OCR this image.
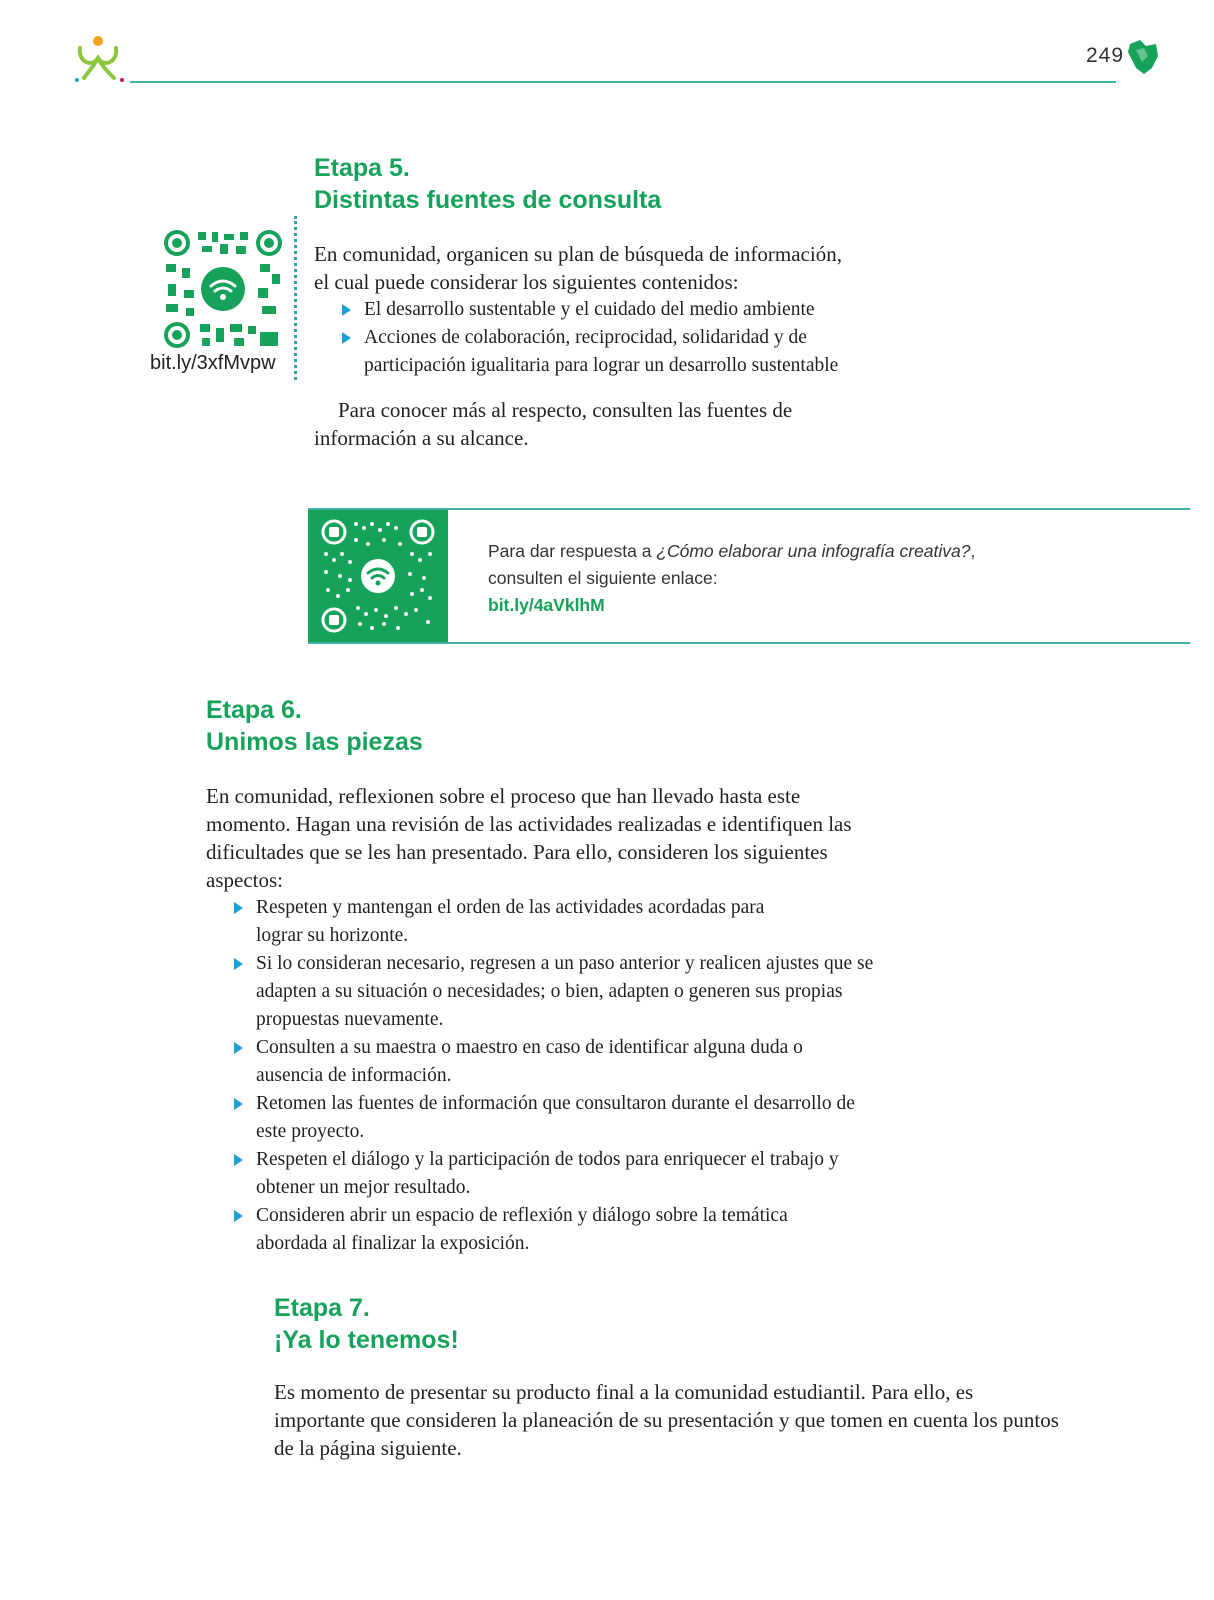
249
Etapa 5.
Distintas fuentes de consulta
bit.ly/3xfMvpw

En comunidad, organicen su plan de búsqueda de información,

el cual puede considerar los siguientes contenidos:

El desarrollo sustentable y el cuidado del medio ambiente
Acciones de colaboración, reciprocidad, solidaridad y de participación igualitaria para lograr un desarrollo sustentable

Para conocer más al respecto, consulten las fuentes de información a su alcance.

Para dar respuesta a ¿Cómo elaborar una infografía creativa?,
consulten el siguiente enlace:
bit.ly/4aVklhM
Etapa 6.
Unimos las piezas

En comunidad, reflexionen sobre el proceso que han llevado hasta este momento. Hagan una revisión de las actividades realizadas e identifiquen las dificultades que se les han presentado. Para ello, consideren los siguientes aspectos:

Respeten y mantengan el orden de las actividades acordadas para lograr su horizonte.
Si lo consideran necesario, regresen a un paso anterior y realicen ajustes que se adapten a su situación o necesidades; o bien, adapten o generen sus propias propuestas nuevamente.
Consulten a su maestra o maestro en caso de identificar alguna duda o ausencia de información.
Retomen las fuentes de información que consultaron durante el desarrollo de este proyecto.
Respeten el diálogo y la participación de todos para enriquecer el trabajo y obtener un mejor resultado.
Consideren abrir un espacio de reflexión y diálogo sobre la temática abordada al finalizar la exposición.
Etapa 7.
¡Ya lo tenemos!

Es momento de presentar su producto final a la comunidad estudiantil. Para ello, es importante que consideren la planeación de su presentación y que tomen en cuenta los puntos de la página siguiente.
